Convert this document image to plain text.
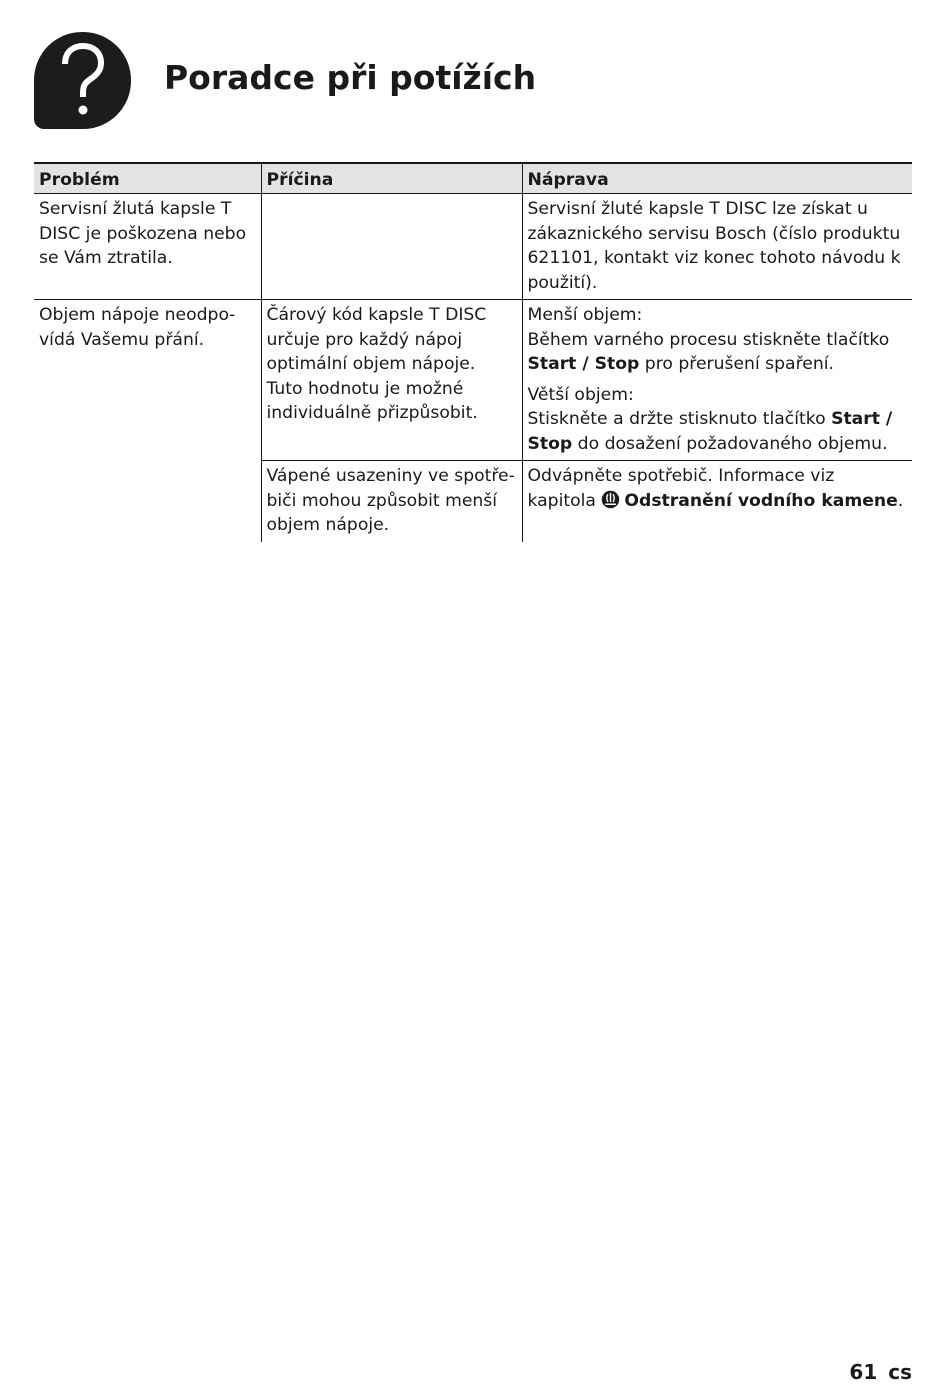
Poradce při potížích
Problém	Příčina	Náprava
Servisní žlutá kapsle T DISC je poškozena nebo se Vám ztratila.		Servisní žluté kapsle T DISC lze získat u zákaznického servisu Bosch (číslo produktu 621101, kontakt viz konec tohoto návodu k použití).
Objem nápoje neodpovídá Vašemu přání.	Čárový kód kapsle T DISC určuje pro každý nápoj optimální objem nápoje. Tuto hodnotu je možné individuálně přizpůsobit.	Menší objem:
Během varného procesu stiskněte tlačítko Start / Stop pro přerušení spaření.
Větší objem:
Stiskněte a držte stisknuto tlačítko Start / Stop do dosažení požadovaného objemu.

	Vápené usazeniny ve spotřebiči mohou způsobit menší objem nápoje.	Odvápněte spotřebič. Informace viz kapitola Odstranění vodního kamene.
61 cs
